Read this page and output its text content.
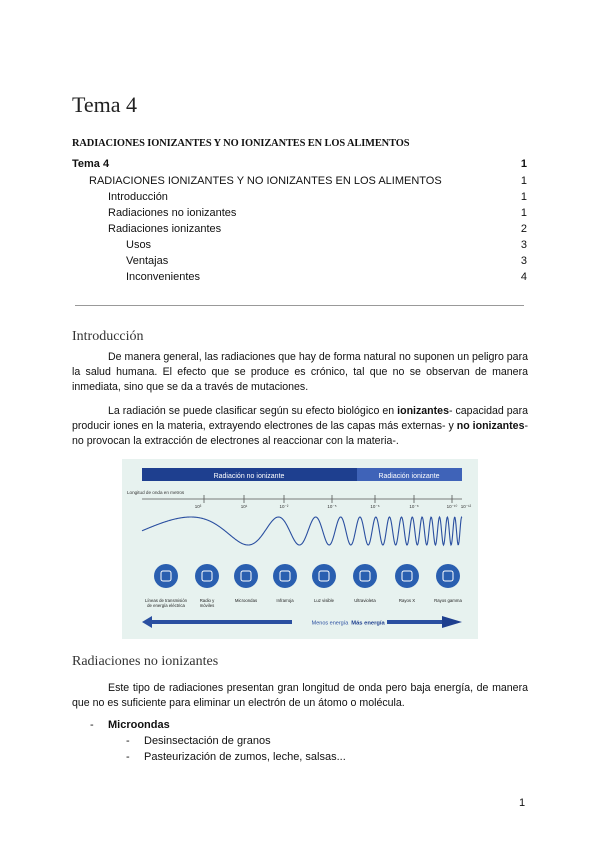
Tema 4
RADIACIONES IONIZANTES Y NO IONIZANTES EN LOS ALIMENTOS
Tema 4	1
RADIACIONES IONIZANTES Y NO IONIZANTES EN LOS ALIMENTOS	1
Introducción	1
Radiaciones no ionizantes	1
Radiaciones ionizantes	2
Usos	3
Ventajas	3
Inconvenientes	4
Introducción

De manera general, las radiaciones que hay de forma natural no suponen un peligro para la salud humana. El efecto que se produce es crónico, tal que no se observan de manera inmediata, sino que se da a través de mutaciones.

La radiación se puede clasificar según su efecto biológico en ionizantes- capacidad para producir iones en la materia, extrayendo electrones de las capas más externas- y no ionizantes- no provocan la extracción de electrones al reaccionar con la materia-.

Radiación no ionizante	Radiación ionizante
Longitud de onda en metros
10³	10¹	10⁻²	10⁻⁵	10⁻⁶	10⁻⁸	10⁻¹⁰ 10⁻¹²
Líneas de transmisión de energía eléctrica
Radio y móviles
Microondas	Infrarroja	Luz visible	Ultravioleta	Rayos X	Rayos gamma
Menos energía Más energía
Radiaciones no ionizantes

Este tipo de radiaciones presentan gran longitud de onda pero baja energía, de manera que no es suficiente para eliminar un electrón de un átomo o molécula.

- Microondas
- Desinsectación de granos
- Pasteurización de zumos, leche, salsas...
1
